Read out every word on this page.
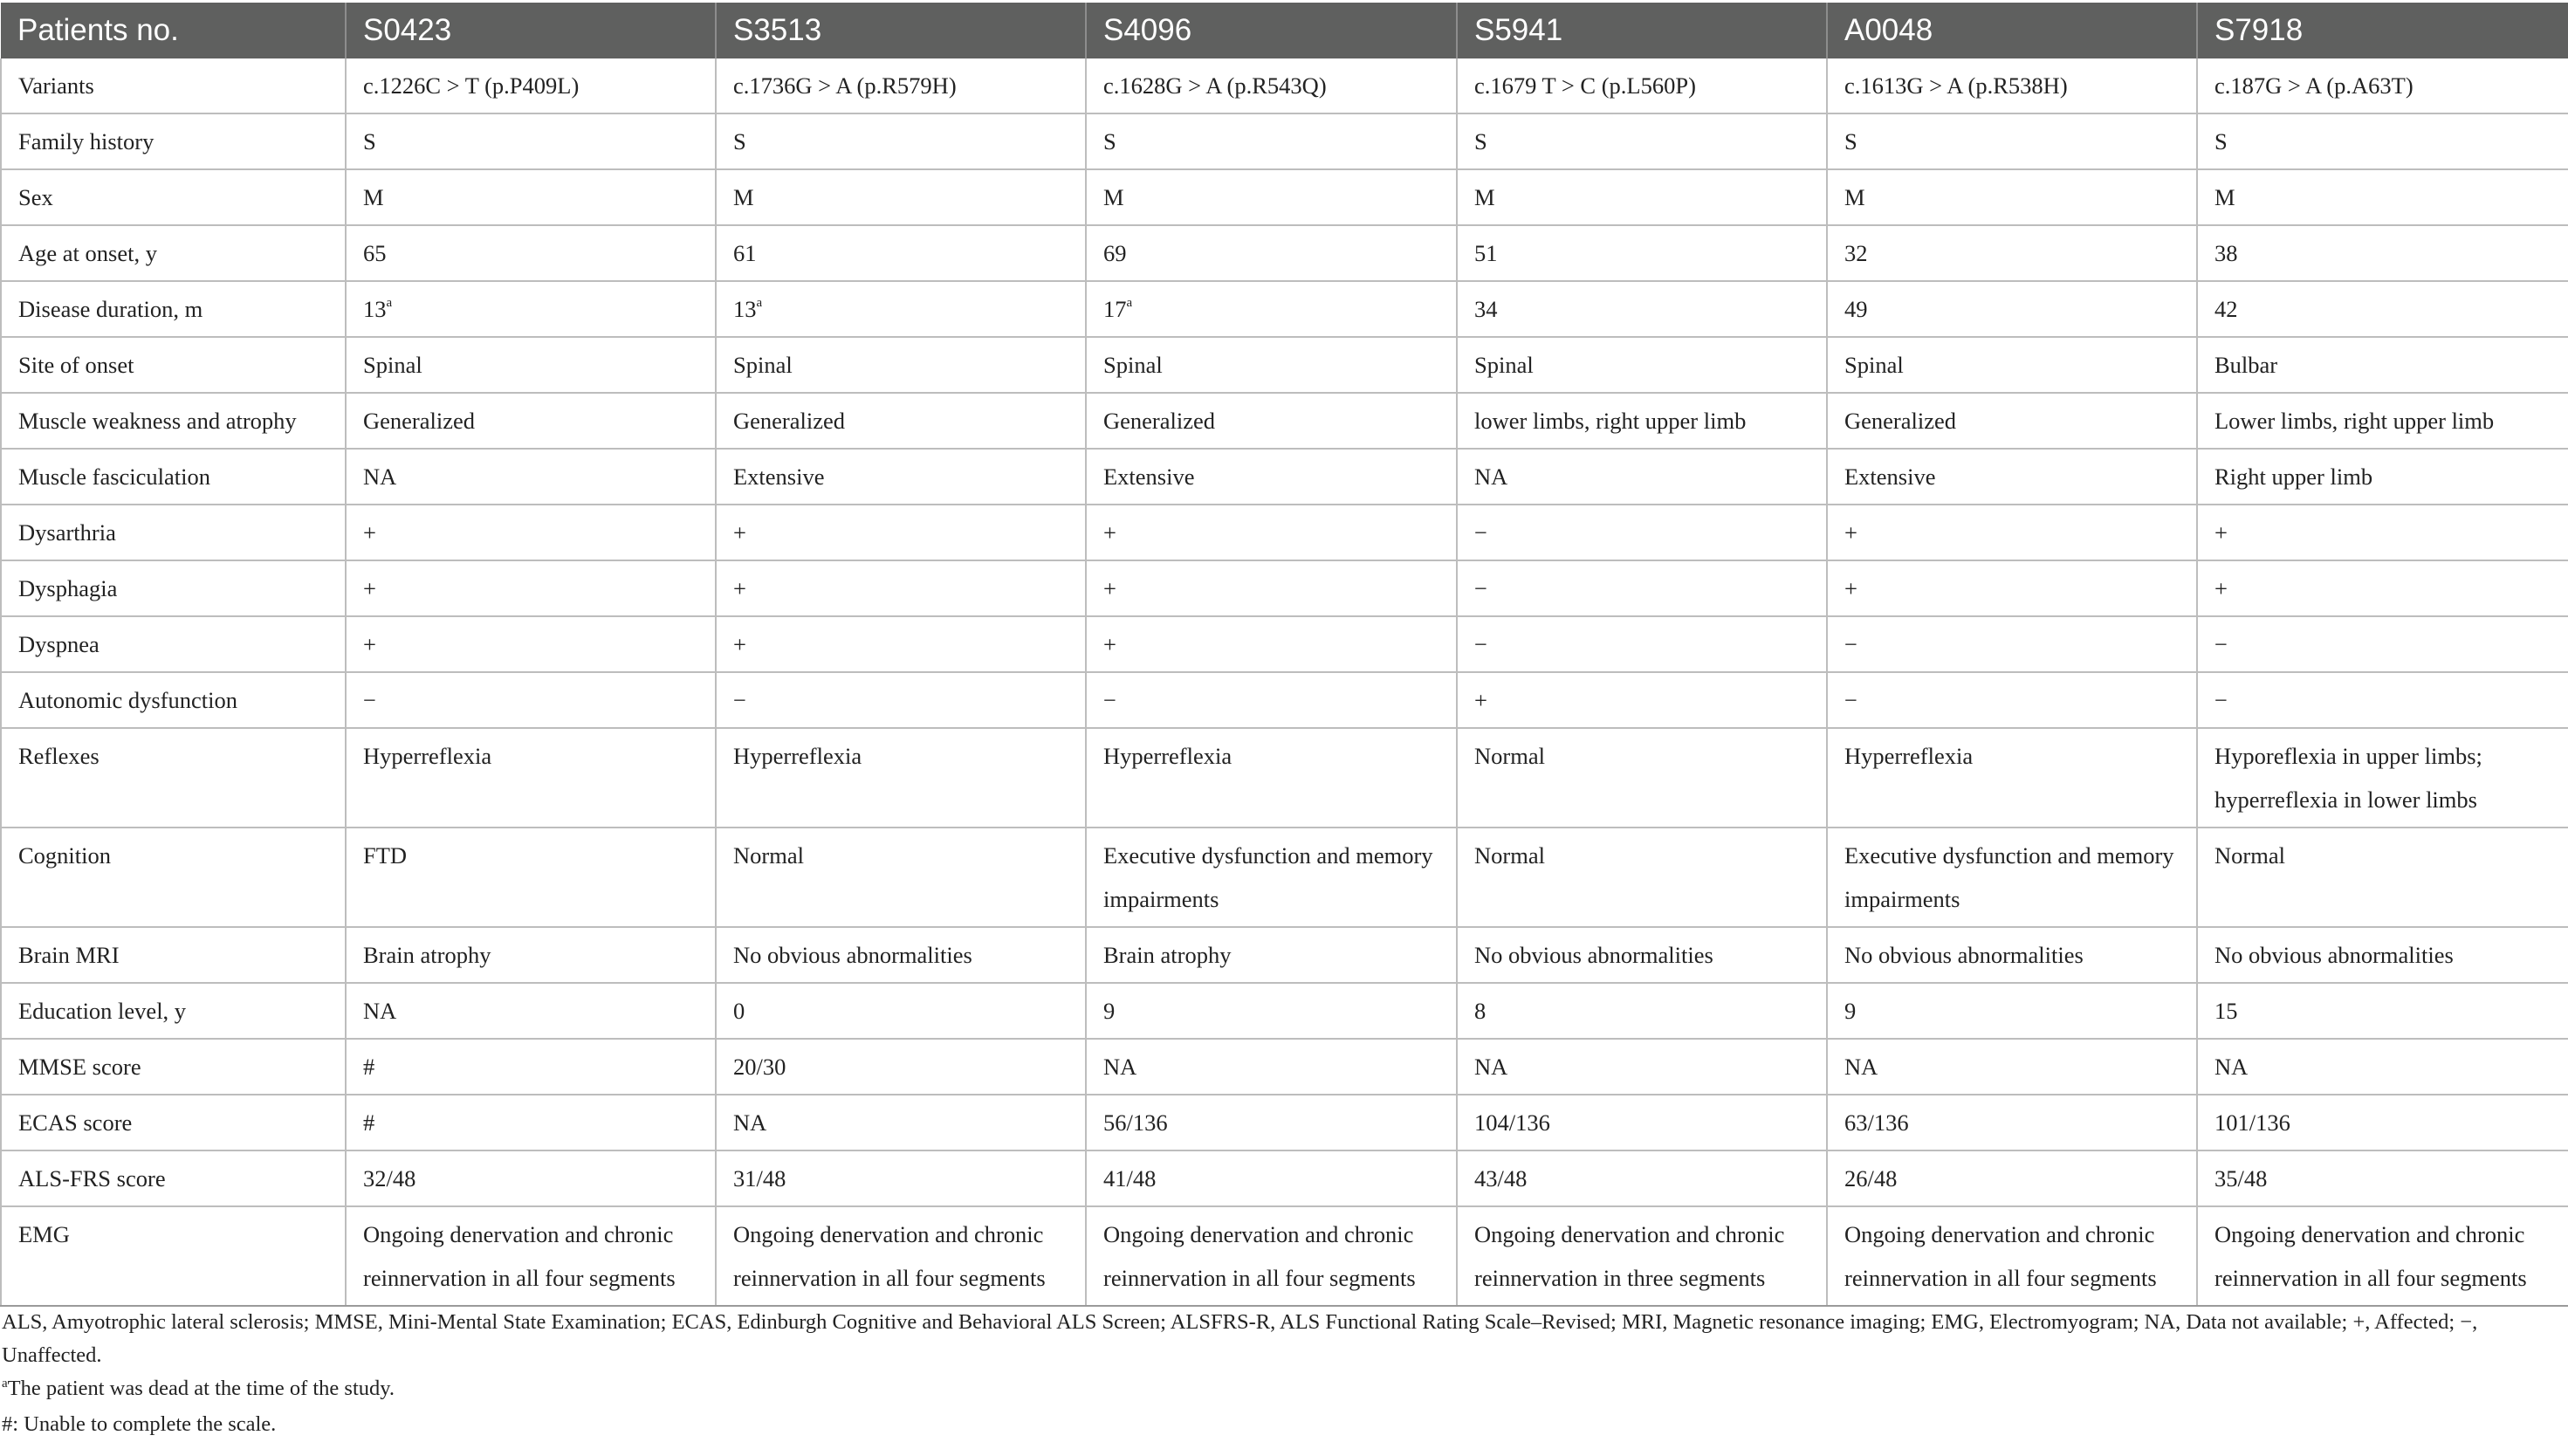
Patients no.	S0423	S3513	S4096	S5941	A0048	S7918
Variants	c.1226C > T (p.P409L)	c.1736G > A (p.R579H)	c.1628G > A (p.R543Q)	c.1679 T > C (p.L560P)	c.1613G > A (p.R538H)	c.187G > A (p.A63T)
Family history	S	S	S	S	S	S
Sex	M	M	M	M	M	M
Age at onset, y	65	61	69	51	32	38
Disease duration, m	13$^a$	13$^a$	17$^a$	34	49	42
Site of onset	Spinal	Spinal	Spinal	Spinal	Spinal	Bulbar
Muscle weakness and atrophy	Generalized	Generalized	Generalized	lower limbs, right upper limb	Generalized	Lower limbs, right upper limb
Muscle fasciculation	NA	Extensive	Extensive	NA	Extensive	Right upper limb
Dysarthria	+	+	+	−	+	+
Dysphagia	+	+	+	−	+	+
Dyspnea	+	+	+	−	−	−
Autonomic dysfunction	−	−	−	+	−	−
Reflexes	Hyperreflexia	Hyperreflexia	Hyperreflexia	Normal	Hyperreflexia	Hyporeflexia in upper limbs; hyperreflexia in lower limbs
Cognition	FTD	Normal	Executive dysfunction and memory impairments	Normal	Executive dysfunction and memory impairments	Normal
Brain MRI	Brain atrophy	No obvious abnormalities	Brain atrophy	No obvious abnormalities	No obvious abnormalities	No obvious abnormalities
Education level, y	NA	0	9	8	9	15
MMSE score	#	20/30	NA	NA	NA	NA
ECAS score	#	NA	56/136	104/136	63/136	101/136
ALS-FRS score	32/48	31/48	41/48	43/48	26/48	35/48
EMG	Ongoing denervation and chronic reinnervation in all four segments	Ongoing denervation and chronic reinnervation in all four segments	Ongoing denervation and chronic reinnervation in all four segments	Ongoing denervation and chronic reinnervation in three segments	Ongoing denervation and chronic reinnervation in all four segments	Ongoing denervation and chronic reinnervation in all four segments

ALS, Amyotrophic lateral sclerosis; MMSE, Mini-Mental State Examination; ECAS, Edinburgh Cognitive and Behavioral ALS Screen; ALSFRS-R, ALS Functional Rating Scale–Revised; MRI, Magnetic resonance imaging; EMG, Electromyogram; NA, Data not available; +, Affected; −, Unaffected.

$^a$The patient was dead at the time of the study.

#: Unable to complete the scale.
